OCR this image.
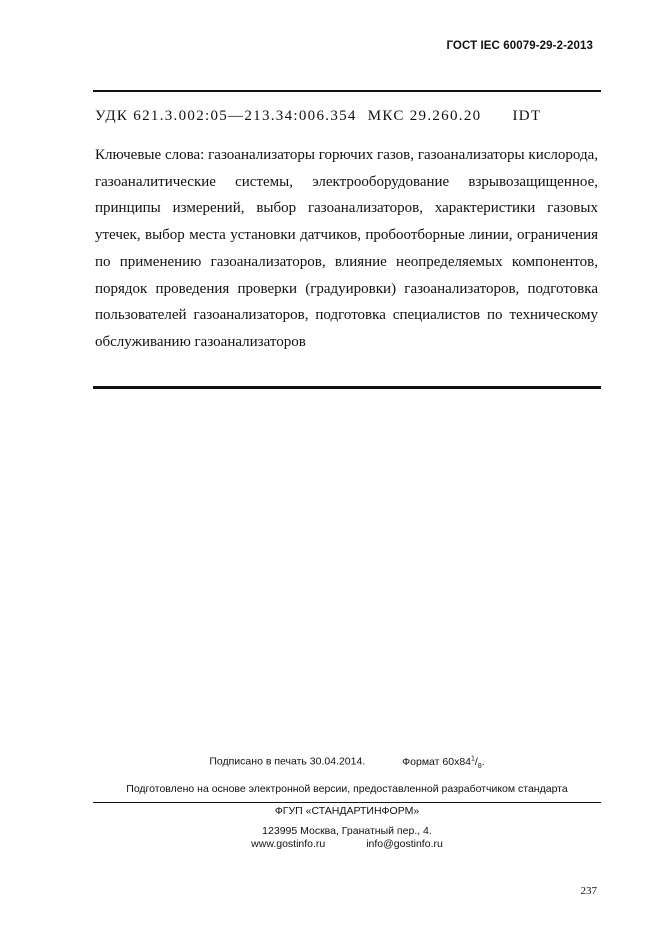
ГОСТ IEC 60079-29-2-2013
УДК 621.3.002:05—213.34:006.354 МКС 29.260.20 IDT
Ключевые слова: газоанализаторы горючих газов, газоанализаторы кислорода, газоаналитические системы, электрооборудование взрывозащищенное, принципы измерений, выбор газоанализаторов, характеристики газовых утечек, выбор места установки датчиков, пробоотборные линии, ограничения по применению газоанализаторов, влияние неопределяемых компонентов, порядок проведения проверки (градуировки) газоанализаторов, подготовка пользователей газоанализаторов, подготовка специалистов по техническому обслуживанию газоанализаторов
Подписано в печать 30.04.2014.	Формат $60x84^1/_8$.
Подготовлено на основе электронной версии, предоставленной разработчиком стандарта
ФГУП «СТАНДАРТИНФОРМ»
123995 Москва, Гранатный пер., 4.
www.gostinfo.ru	info@gostinfo.ru
237
